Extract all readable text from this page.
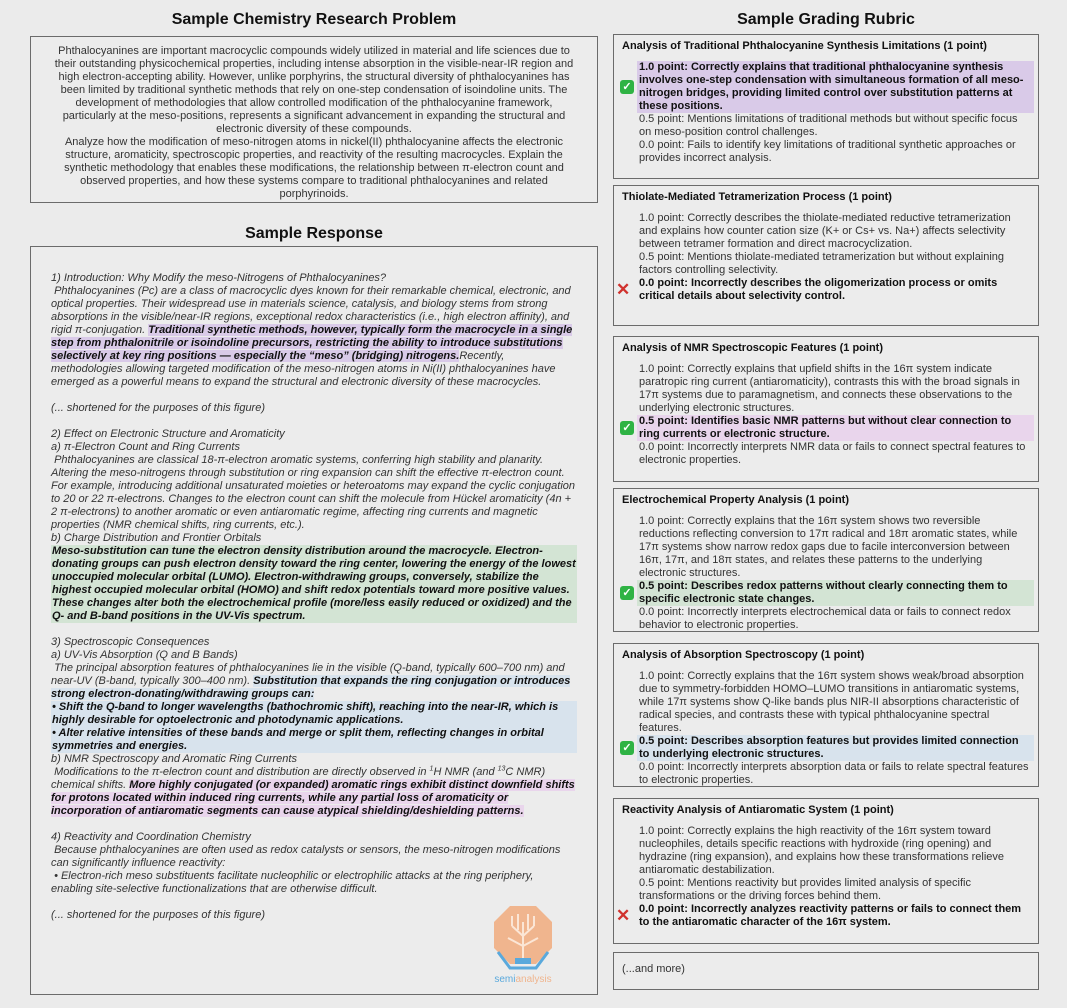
Sample Chemistry Research Problem

Phthalocyanines are important macrocyclic compounds widely utilized in material and life sciences due to their outstanding physicochemical properties, including intense absorption in the visible-near-IR region and high electron-accepting ability. However, unlike porphyrins, the structural diversity of phthalocyanines has been limited by traditional synthetic methods that rely on one-step condensation of isoindoline units. The development of methodologies that allow controlled modification of the phthalocyanine framework, particularly at the meso-positions, represents a significant advancement in expanding the structural and electronic diversity of these compounds.

Analyze how the modification of meso-nitrogen atoms in nickel(II) phthalocyanine affects the electronic structure, aromaticity, spectroscopic properties, and reactivity of the resulting macrocycles. Explain the synthetic methodology that enables these modifications, the relationship between π-electron count and observed properties, and how these systems compare to traditional phthalocyanines and related porphyrinoids.

Sample Response

1) Introduction: Why Modify the meso-Nitrogens of Phthalocyanines?

Phthalocyanines (Pc) are a class of macrocyclic dyes known for their remarkable chemical, electronic, and optical properties. Their widespread use in materials science, catalysis, and biology stems from strong absorptions in the visible/near-IR regions, exceptional redox characteristics (i.e., high electron affinity), and rigid π-conjugation. Traditional synthetic methods, however, typically form the macrocycle in a single step from phthalonitrile or isoindoline precursors, restricting the ability to introduce substitutions selectively at key ring positions — especially the “meso” (bridging) nitrogens.Recently, methodologies allowing targeted modification of the meso-nitrogen atoms in Ni(II) phthalocyanines have emerged as a powerful means to expand the structural and electronic diversity of these macrocycles.

(... shortened for the purposes of this figure)

2) Effect on Electronic Structure and Aromaticity

a) π-Electron Count and Ring Currents

Phthalocyanines are classical 18-π-electron aromatic systems, conferring high stability and planarity. Altering the meso-nitrogens through substitution or ring expansion can shift the effective π-electron count. For example, introducing additional unsaturated moieties or heteroatoms may expand the cyclic conjugation to 20 or 22 π-electrons. Changes to the electron count can shift the molecule from Hückel aromaticity (4n + 2 π-electrons) to another aromatic or even antiaromatic regime, affecting ring currents and magnetic properties (NMR chemical shifts, ring currents, etc.).

b) Charge Distribution and Frontier Orbitals

Meso-substitution can tune the electron density distribution around the macrocycle. Electron-donating groups can push electron density toward the ring center, lowering the energy of the lowest unoccupied molecular orbital (LUMO). Electron-withdrawing groups, conversely, stabilize the highest occupied molecular orbital (HOMO) and shift redox potentials toward more positive values. These changes alter both the electrochemical profile (more/less easily reduced or oxidized) and the Q- and B-band positions in the UV-Vis spectrum.

3) Spectroscopic Consequences

a) UV-Vis Absorption (Q and B Bands)

The principal absorption features of phthalocyanines lie in the visible (Q-band, typically 600–700 nm) and near-UV (B-band, typically 300–400 nm). Substitution that expands the ring conjugation or introduces strong electron-donating/withdrawing groups can:

• Shift the Q-band to longer wavelengths (bathochromic shift), reaching into the near-IR, which is highly desirable for optoelectronic and photodynamic applications.

• Alter relative intensities of these bands and merge or split them, reflecting changes in orbital symmetries and energies.

b) NMR Spectroscopy and Aromatic Ring Currents

Modifications to the π-electron count and distribution are directly observed in $^1$H NMR (and $^{13}$C NMR) chemical shifts. More highly conjugated (or expanded) aromatic rings exhibit distinct downfield shifts for protons located within induced ring currents, while any partial loss of aromaticity or incorporation of antiaromatic segments can cause atypical shielding/deshielding patterns.

4) Reactivity and Coordination Chemistry

Because phthalocyanines are often used as redox catalysts or sensors, the meso-nitrogen modifications can significantly influence reactivity:

• Electron-rich meso substituents facilitate nucleophilic or electrophilic attacks at the ring periphery, enabling site-selective functionalizations that are otherwise difficult.

(... shortened for the purposes of this figure)

semianalysis
Sample Grading Rubric
Analysis of Traditional Phthalocyanine Synthesis Limitations (1 point)
✓
1.0 point: Correctly explains that traditional phthalocyanine synthesis involves one-step condensation with simultaneous formation of all meso-nitrogen bridges, providing limited control over substitution patterns at these positions.
0.5 point: Mentions limitations of traditional methods but without specific focus on meso-position control challenges.
0.0 point: Fails to identify key limitations of traditional synthetic approaches or provides incorrect analysis.
Thiolate-Mediated Tetramerization Process (1 point)
1.0 point: Correctly describes the thiolate-mediated reductive tetramerization and explains how counter cation size (K+ or Cs+ vs. Na+) affects selectivity between tetramer formation and direct macrocyclization.
0.5 point: Mentions thiolate-mediated tetramerization but without explaining factors controlling selectivity.
✕ 0.0 point: Incorrectly describes the oligomerization process or omits critical details about selectivity control.
Analysis of NMR Spectroscopic Features (1 point)
1.0 point: Correctly explains that upfield shifts in the 16π system indicate paratropic ring current (antiaromaticity), contrasts this with the broad signals in 17π systems due to paramagnetism, and connects these observations to the underlying electronic structures.
✓
0.5 point: Identifies basic NMR patterns but without clear connection to ring currents or electronic structure.
0.0 point: Incorrectly interprets NMR data or fails to connect spectral features to electronic properties.
Electrochemical Property Analysis (1 point)
1.0 point: Correctly explains that the 16π system shows two reversible reductions reflecting conversion to 17π radical and 18π aromatic states, while 17π systems show narrow redox gaps due to facile interconversion between 16π, 17π, and 18π states, and relates these patterns to the underlying electronic structures.
✓
0.5 point: Describes redox patterns without clearly connecting them to specific electronic state changes.
0.0 point: Incorrectly interprets electrochemical data or fails to connect redox behavior to electronic properties.
Analysis of Absorption Spectroscopy (1 point)
1.0 point: Correctly explains that the 16π system shows weak/broad absorption due to symmetry-forbidden HOMO–LUMO transitions in antiaromatic systems, while 17π systems show Q-like bands plus NIR-II absorptions characteristic of radical species, and contrasts these with typical phthalocyanine spectral features.
✓
0.5 point: Describes absorption features but provides limited connection to underlying electronic structures.
0.0 point: Incorrectly interprets absorption data or fails to relate spectral features to electronic properties.
Reactivity Analysis of Antiaromatic System (1 point)
1.0 point: Correctly explains the high reactivity of the 16π system toward nucleophiles, details specific reactions with hydroxide (ring opening) and hydrazine (ring expansion), and explains how these transformations relieve antiaromatic destabilization.
0.5 point: Mentions reactivity but provides limited analysis of specific transformations or the driving forces behind them.
✕ 0.0 point: Incorrectly analyzes reactivity patterns or fails to connect them to the antiaromatic character of the 16π system.
(...and more)
